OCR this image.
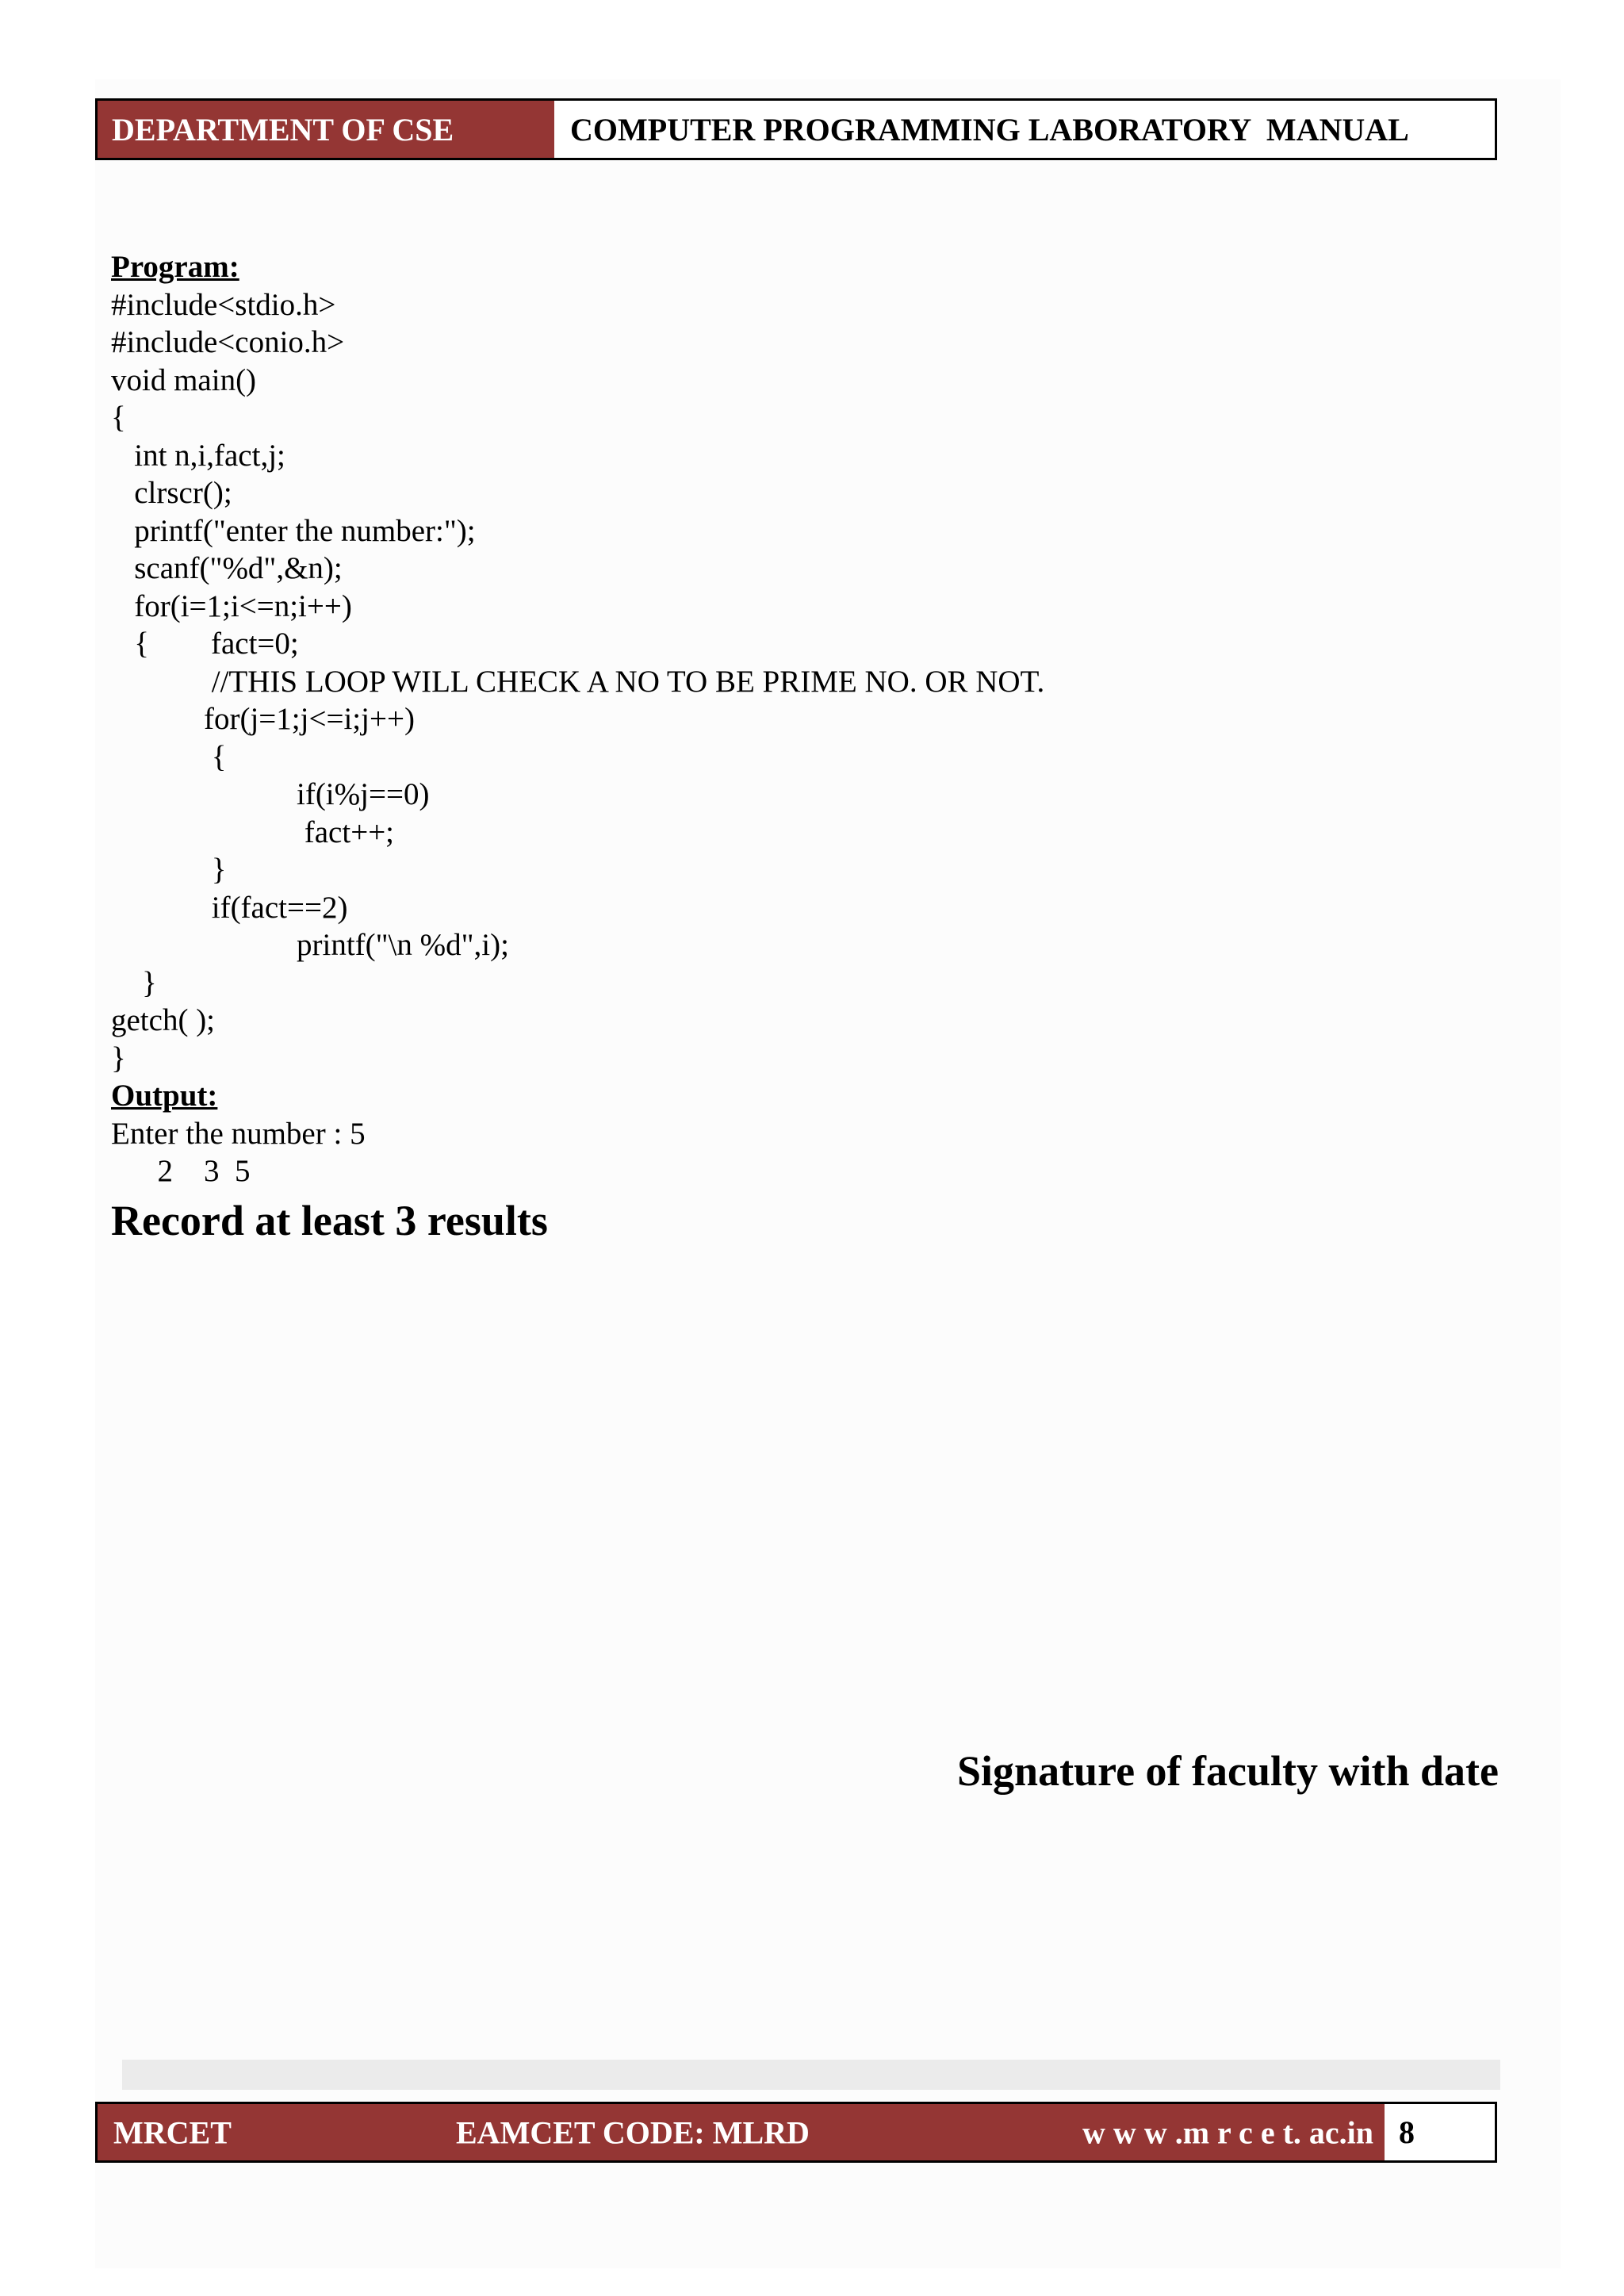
DEPARTMENT OF CSE	COMPUTER PROGRAMMING LABORATORY  MANUAL
Program:
#include<stdio.h>
#include<conio.h>
void main()
{
int n,i,fact,j;
clrscr();
printf("enter the number:");
scanf("%d",&n);
for(i=1;i<=n;i++)
{        fact=0;
//THIS LOOP WILL CHECK A NO TO BE PRIME NO. OR NOT.
for(j=1;j<=i;j++)
{
if(i%j==0)
fact++;
}
if(fact==2)
printf("\n %d",i);
}
getch( );
}
Output:
Enter the number : 5
2    3  5
Record at least 3 results
Signature of faculty with date
MRCET	EAMCET CODE: MLRD	w w w .m r c e t. ac.in 8
